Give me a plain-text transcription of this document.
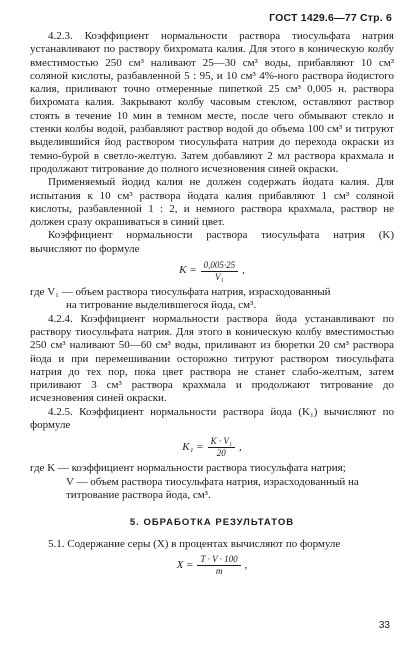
ГОСТ 1429.6—77 Стр. 6

4.2.3. Коэффициент нормальности раствора тиосульфата натрия устанавливают по раствору бихромата калия. Для этого в коническую колбу вместимостью 250 см³ наливают 25—30 см³ воды, прибавляют 10 см³ соляной кислоты, разбавленной 5 : 95, и 10 см³ 4%-ного раствора йодистого калия, приливают точно отмеренные пипеткой 25 см³ 0,005 н. раствора бихромата калия. Закрывают колбу часовым стеклом, оставляют раствор стоять в течение 10 мин в темном месте, после чего обмывают стекло и стенки колбы водой, разбавляют раствор водой до объема 100 см³ и титруют выделившийся йод раствором тиосульфата натрия до перехода окраски из темно-бурой в светло-желтую. Затем добавляют 2 мл раствора крахмала и продолжают титрование до полного исчезновения синей окраски.

Применяемый йодид калия не должен содержать йодата калия. Для испытания к 10 см³ раствора йодата калия прибавляют 1 см³ соляной кислоты, разбавленной 1 : 2, и немного раствора крахмала, раствор не должен сразу окрашиваться в синий цвет.

Коэффициент нормальности раствора тиосульфата натрия (K) вычисляют по формуле

$K = \frac{0,005\cdot 25}{\text{V₁}}$ ,

где V₁ — объем раствора тиосульфата натрия, израсходованный

на титрование выделившегося йода, см³.

4.2.4. Коэффициент нормальности раствора йода устанавливают по раствору тиосульфата натрия. Для этого в коническую колбу вместимостью 250 см³ наливают 50—60 см³ воды, приливают из бюретки 20 см³ раствора йода и при перемешивании осторожно титруют раствором тиосульфата натрия до тех пор, пока цвет раствора не станет слабо-желтым, затем приливают 3 см³ раствора крахмала и продолжают титрование до исчезновения синей окраски.

4.2.5. Коэффициент нормальности раствора йода (K₁) вычисляют по формуле

$K_1 = \frac{\text{K · V₁}}{20}$ ,

где K — коэффициент нормальности раствора тиосульфата натрия;

V — объем раствора тиосульфата натрия, израсходованный на

титрование раствора йода, см³.

5. ОБРАБОТКА РЕЗУЛЬТАТОВ

5.1. Содержание серы (X) в процентах вычисляют по формуле

$X = \frac{T \cdot V \cdot 100}{m}$ ,
33
